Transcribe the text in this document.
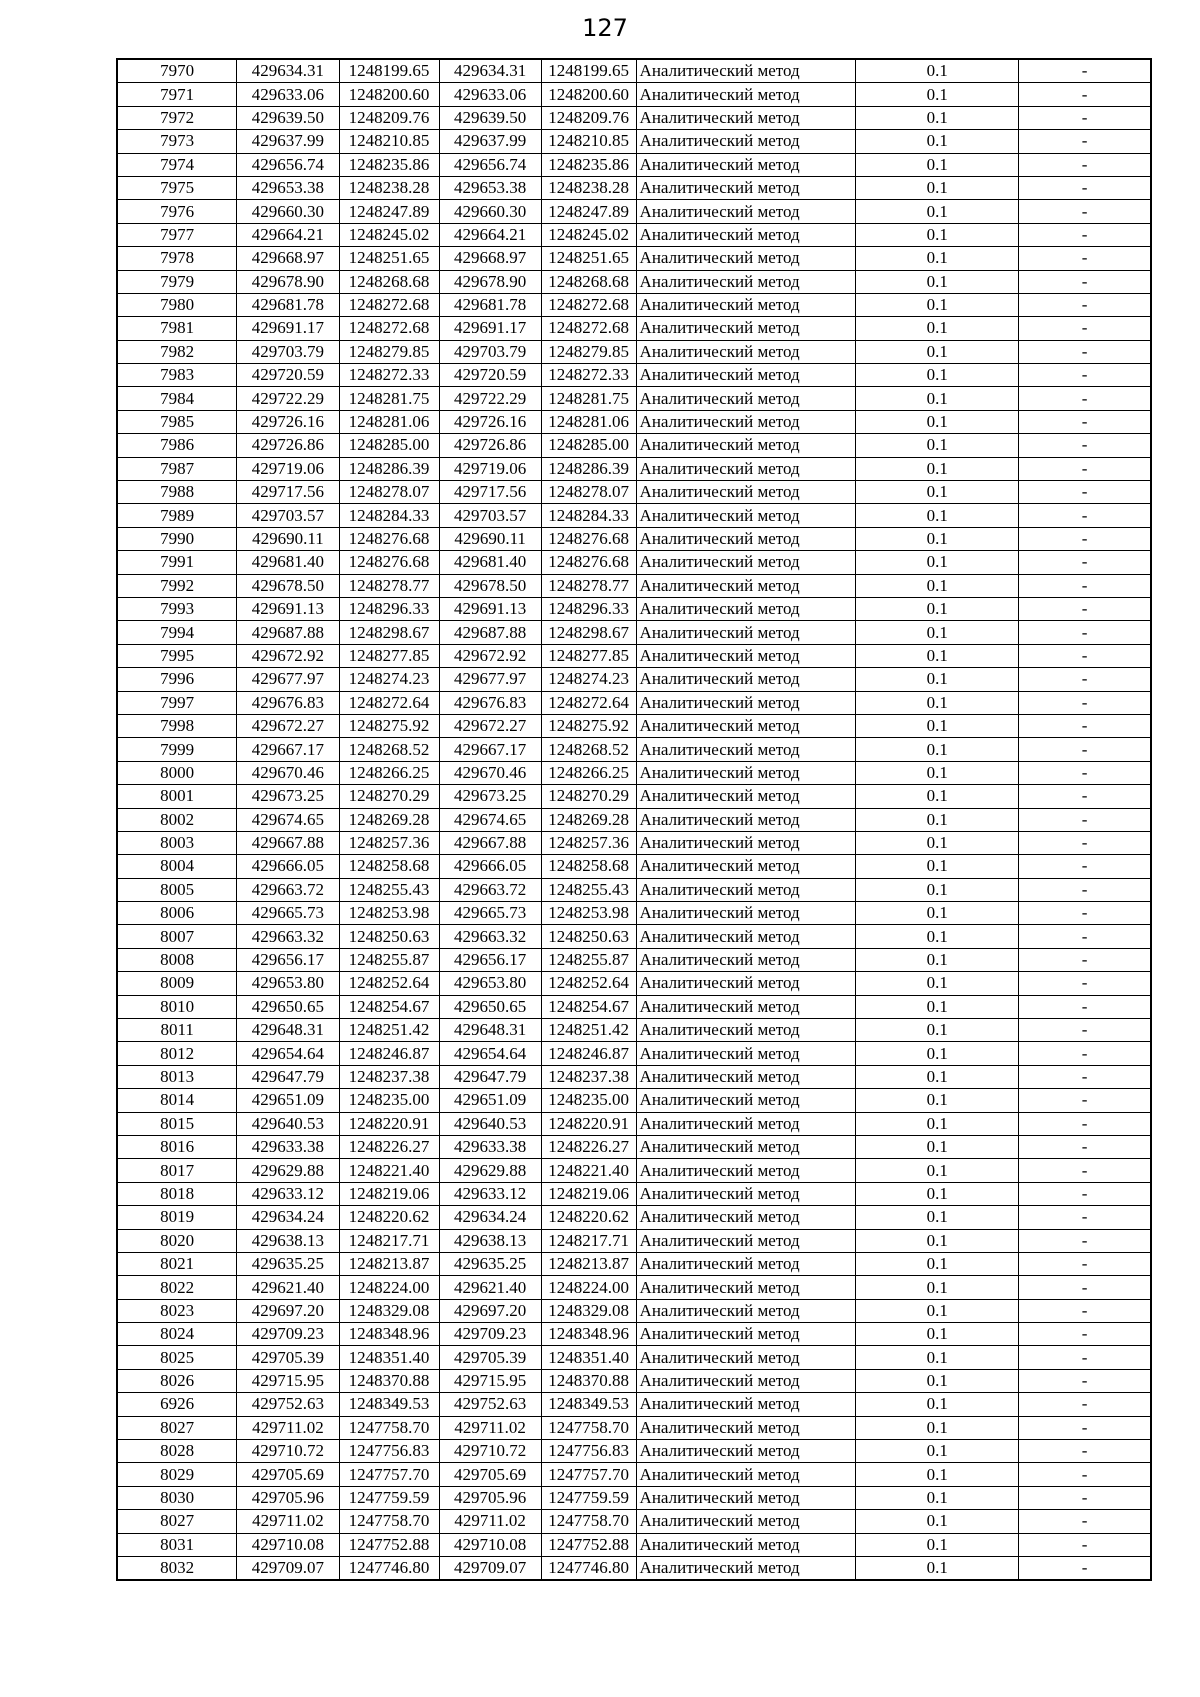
127
7970	429634.31	1248199.65	429634.31	1248199.65	Аналитический метод	0.1	-
7971	429633.06	1248200.60	429633.06	1248200.60	Аналитический метод	0.1	-
7972	429639.50	1248209.76	429639.50	1248209.76	Аналитический метод	0.1	-
7973	429637.99	1248210.85	429637.99	1248210.85	Аналитический метод	0.1	-
7974	429656.74	1248235.86	429656.74	1248235.86	Аналитический метод	0.1	-
7975	429653.38	1248238.28	429653.38	1248238.28	Аналитический метод	0.1	-
7976	429660.30	1248247.89	429660.30	1248247.89	Аналитический метод	0.1	-
7977	429664.21	1248245.02	429664.21	1248245.02	Аналитический метод	0.1	-
7978	429668.97	1248251.65	429668.97	1248251.65	Аналитический метод	0.1	-
7979	429678.90	1248268.68	429678.90	1248268.68	Аналитический метод	0.1	-
7980	429681.78	1248272.68	429681.78	1248272.68	Аналитический метод	0.1	-
7981	429691.17	1248272.68	429691.17	1248272.68	Аналитический метод	0.1	-
7982	429703.79	1248279.85	429703.79	1248279.85	Аналитический метод	0.1	-
7983	429720.59	1248272.33	429720.59	1248272.33	Аналитический метод	0.1	-
7984	429722.29	1248281.75	429722.29	1248281.75	Аналитический метод	0.1	-
7985	429726.16	1248281.06	429726.16	1248281.06	Аналитический метод	0.1	-
7986	429726.86	1248285.00	429726.86	1248285.00	Аналитический метод	0.1	-
7987	429719.06	1248286.39	429719.06	1248286.39	Аналитический метод	0.1	-
7988	429717.56	1248278.07	429717.56	1248278.07	Аналитический метод	0.1	-
7989	429703.57	1248284.33	429703.57	1248284.33	Аналитический метод	0.1	-
7990	429690.11	1248276.68	429690.11	1248276.68	Аналитический метод	0.1	-
7991	429681.40	1248276.68	429681.40	1248276.68	Аналитический метод	0.1	-
7992	429678.50	1248278.77	429678.50	1248278.77	Аналитический метод	0.1	-
7993	429691.13	1248296.33	429691.13	1248296.33	Аналитический метод	0.1	-
7994	429687.88	1248298.67	429687.88	1248298.67	Аналитический метод	0.1	-
7995	429672.92	1248277.85	429672.92	1248277.85	Аналитический метод	0.1	-
7996	429677.97	1248274.23	429677.97	1248274.23	Аналитический метод	0.1	-
7997	429676.83	1248272.64	429676.83	1248272.64	Аналитический метод	0.1	-
7998	429672.27	1248275.92	429672.27	1248275.92	Аналитический метод	0.1	-
7999	429667.17	1248268.52	429667.17	1248268.52	Аналитический метод	0.1	-
8000	429670.46	1248266.25	429670.46	1248266.25	Аналитический метод	0.1	-
8001	429673.25	1248270.29	429673.25	1248270.29	Аналитический метод	0.1	-
8002	429674.65	1248269.28	429674.65	1248269.28	Аналитический метод	0.1	-
8003	429667.88	1248257.36	429667.88	1248257.36	Аналитический метод	0.1	-
8004	429666.05	1248258.68	429666.05	1248258.68	Аналитический метод	0.1	-
8005	429663.72	1248255.43	429663.72	1248255.43	Аналитический метод	0.1	-
8006	429665.73	1248253.98	429665.73	1248253.98	Аналитический метод	0.1	-
8007	429663.32	1248250.63	429663.32	1248250.63	Аналитический метод	0.1	-
8008	429656.17	1248255.87	429656.17	1248255.87	Аналитический метод	0.1	-
8009	429653.80	1248252.64	429653.80	1248252.64	Аналитический метод	0.1	-
8010	429650.65	1248254.67	429650.65	1248254.67	Аналитический метод	0.1	-
8011	429648.31	1248251.42	429648.31	1248251.42	Аналитический метод	0.1	-
8012	429654.64	1248246.87	429654.64	1248246.87	Аналитический метод	0.1	-
8013	429647.79	1248237.38	429647.79	1248237.38	Аналитический метод	0.1	-
8014	429651.09	1248235.00	429651.09	1248235.00	Аналитический метод	0.1	-
8015	429640.53	1248220.91	429640.53	1248220.91	Аналитический метод	0.1	-
8016	429633.38	1248226.27	429633.38	1248226.27	Аналитический метод	0.1	-
8017	429629.88	1248221.40	429629.88	1248221.40	Аналитический метод	0.1	-
8018	429633.12	1248219.06	429633.12	1248219.06	Аналитический метод	0.1	-
8019	429634.24	1248220.62	429634.24	1248220.62	Аналитический метод	0.1	-
8020	429638.13	1248217.71	429638.13	1248217.71	Аналитический метод	0.1	-
8021	429635.25	1248213.87	429635.25	1248213.87	Аналитический метод	0.1	-
8022	429621.40	1248224.00	429621.40	1248224.00	Аналитический метод	0.1	-
8023	429697.20	1248329.08	429697.20	1248329.08	Аналитический метод	0.1	-
8024	429709.23	1248348.96	429709.23	1248348.96	Аналитический метод	0.1	-
8025	429705.39	1248351.40	429705.39	1248351.40	Аналитический метод	0.1	-
8026	429715.95	1248370.88	429715.95	1248370.88	Аналитический метод	0.1	-
6926	429752.63	1248349.53	429752.63	1248349.53	Аналитический метод	0.1	-
8027	429711.02	1247758.70	429711.02	1247758.70	Аналитический метод	0.1	-
8028	429710.72	1247756.83	429710.72	1247756.83	Аналитический метод	0.1	-
8029	429705.69	1247757.70	429705.69	1247757.70	Аналитический метод	0.1	-
8030	429705.96	1247759.59	429705.96	1247759.59	Аналитический метод	0.1	-
8027	429711.02	1247758.70	429711.02	1247758.70	Аналитический метод	0.1	-
8031	429710.08	1247752.88	429710.08	1247752.88	Аналитический метод	0.1	-
8032	429709.07	1247746.80	429709.07	1247746.80	Аналитический метод	0.1	-
